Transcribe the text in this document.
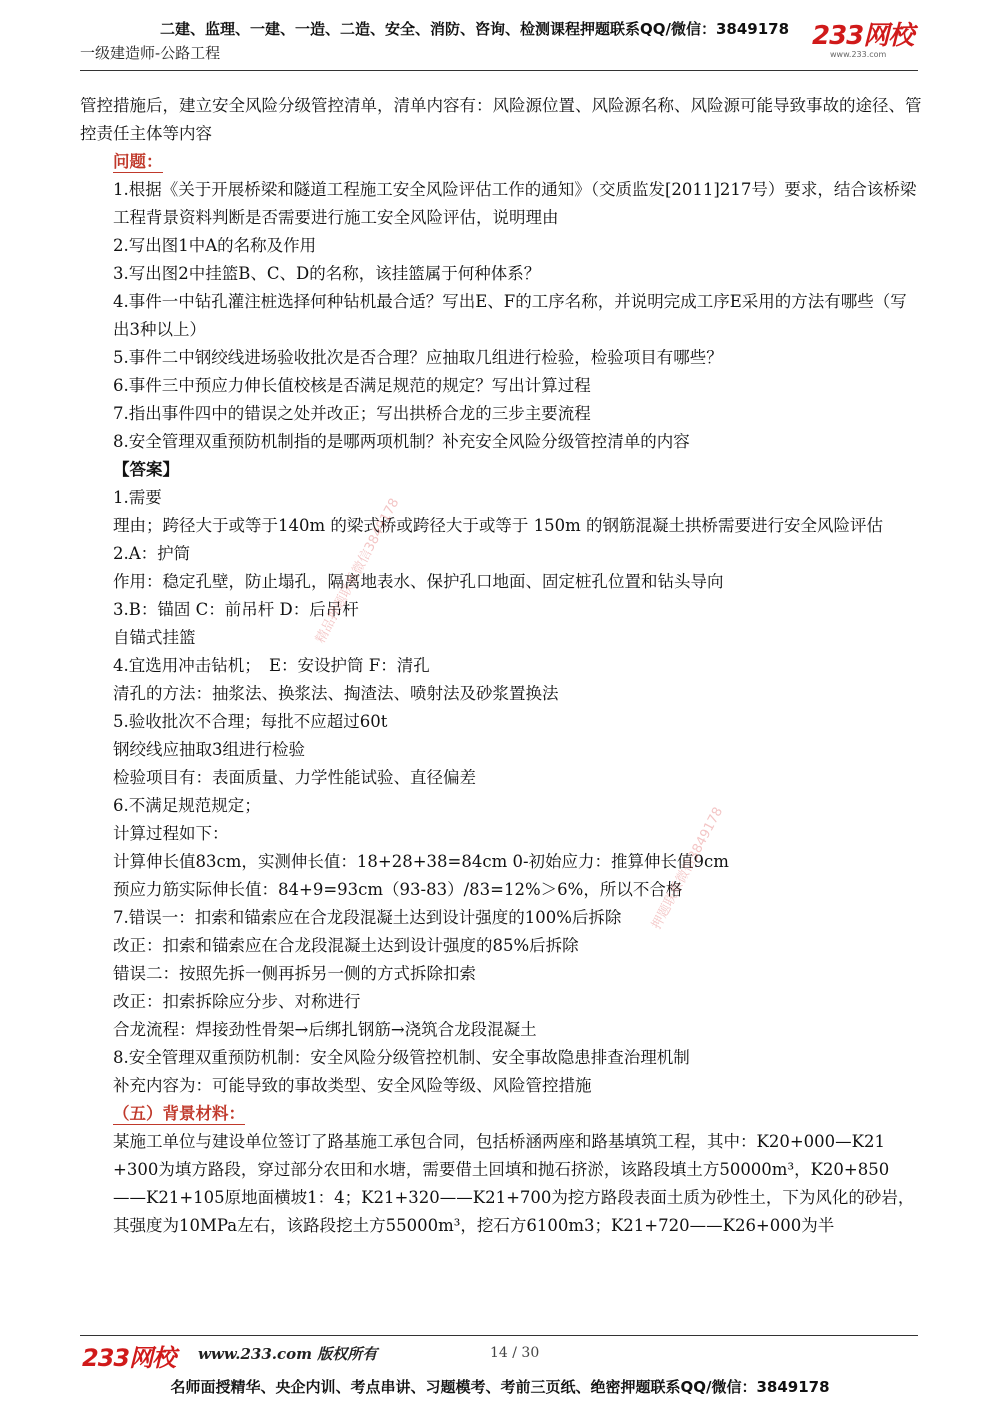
二建、监理、一建、一造、二造、安全、消防、咨询、检测课程押题联系QQ/微信：3849178
一级建造师-公路工程
233网校
www.233.com

管控措施后，建立安全风险分级管控清单，清单内容有：风险源位置、风险源名称、风险源可能导致事故的途径、管控责任主体等内容

问题：

1.根据《关于开展桥梁和隧道工程施工安全风险评估工作的通知》（交质监发[2011]217号）要求，结合该桥梁工程背景资料判断是否需要进行施工安全风险评估，说明理由

2.写出图1中A的名称及作用

3.写出图2中挂篮B、C、D的名称，该挂篮属于何种体系？

4.事件一中钻孔灌注桩选择何种钻机最合适？写出E、F的工序名称，并说明完成工序E采用的方法有哪些（写出3种以上）

5.事件二中钢绞线进场验收批次是否合理？应抽取几组进行检验，检验项目有哪些？

6.事件三中预应力伸长值校核是否满足规范的规定？写出计算过程

7.指出事件四中的错误之处并改正；写出拱桥合龙的三步主要流程

8.安全管理双重预防机制指的是哪两项机制？补充安全风险分级管控清单的内容

【答案】

1.需要

理由；跨径大于或等于140m 的梁式桥或跨径大于或等于 150m 的钢筋混凝土拱桥需要进行安全风险评估

2.A：护筒

作用：稳定孔壁，防止塌孔，隔离地表水、保护孔口地面、固定桩孔位置和钻头导向

3.B：锚固 C：前吊杆 D：后吊杆

自锚式挂篮

4.宜选用冲击钻机；　E：安设护筒 F：清孔

清孔的方法：抽浆法、换浆法、掏渣法、喷射法及砂浆置换法

5.验收批次不合理；每批不应超过60t

钢绞线应抽取3组进行检验

检验项目有：表面质量、力学性能试验、直径偏差

6.不满足规范规定；

计算过程如下：

计算伸长值83cm，实测伸长值：18+28+38=84cm 0-初始应力：推算伸长值9cm

预应力筋实际伸长值：84+9=93cm（93-83）/83=12%＞6%，所以不合格

7.错误一：扣索和锚索应在合龙段混凝土达到设计强度的100%后拆除

改正：扣索和锚索应在合龙段混凝土达到设计强度的85%后拆除

错误二：按照先拆一侧再拆另一侧的方式拆除扣索

改正：扣索拆除应分步、对称进行

合龙流程：焊接劲性骨架→后绑扎钢筋→浇筑合龙段混凝土

8.安全管理双重预防机制：安全风险分级管控机制、安全事故隐患排查治理机制

补充内容为：可能导致的事故类型、安全风险等级、风险管控措施

（五）背景材料：

某施工单位与建设单位签订了路基施工承包合同，包括桥涵两座和路基填筑工程，其中：K20+000—K21 +300为填方路段，穿过部分农田和水塘，需要借土回填和抛石挤淤，该路段填土方50000m³，K20+850——K21+105原地面横坡1：4；K21+320——K21+700为挖方路段表面土质为砂性土，下为风化的砂岩，其强度为10MPa左右，该路段挖土方55000m³，挖石方6100m3；K21+720——K26+000为半

精品押题联系微信3849178
押题联系微信3849178
233网校 www.233.com 版权所有	14 / 30
名师面授精华、央企内训、考点串讲、习题模考、考前三页纸、绝密押题联系QQ/微信：3849178
